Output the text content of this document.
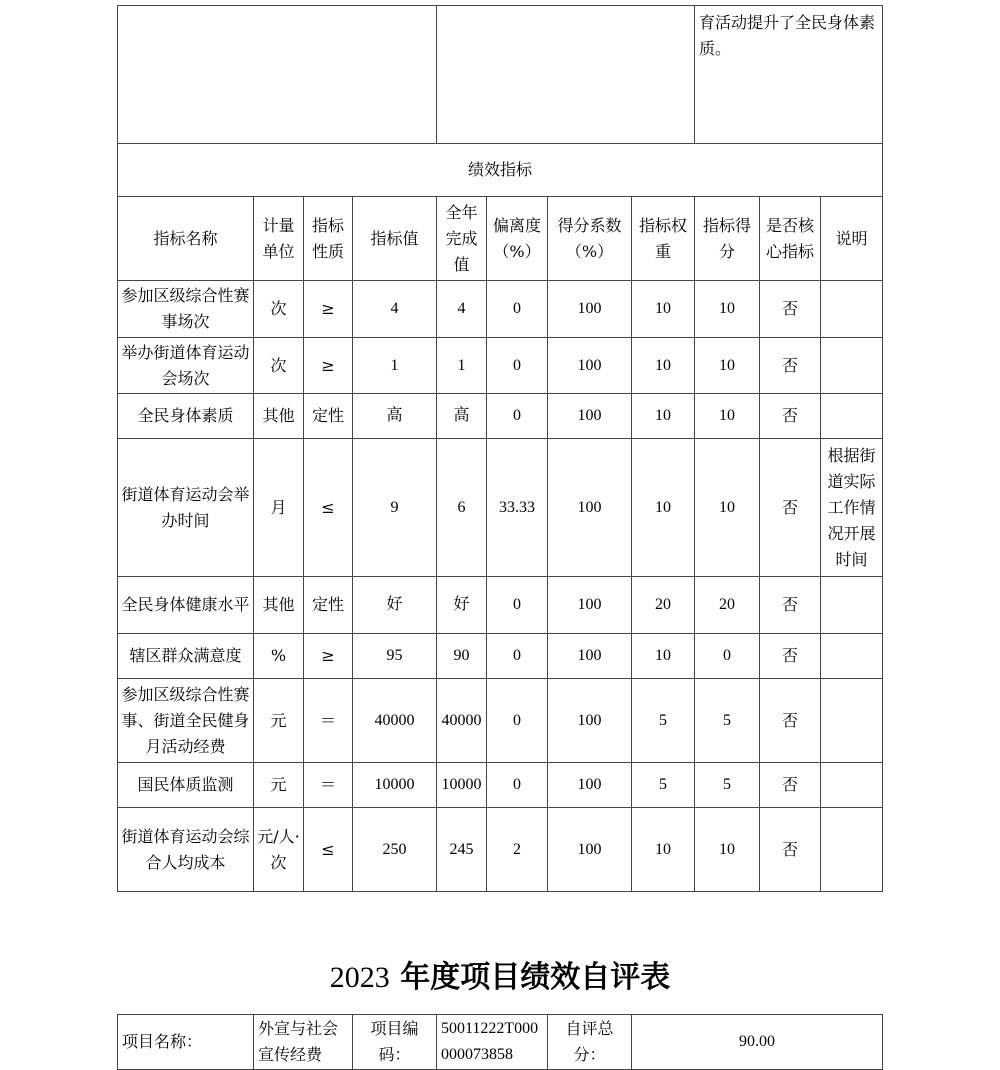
								育活动提升了全民身体素质。		
绩效指标										
指标名称	计量单位	指标性质	指标值	全年完成值	偏离度（%）	得分系数（%）	指标权重	指标得分	是否核心指标	说明
参加区级综合性赛事场次	次	≥	4	4	0	100	10	10	否	
举办街道体育运动会场次	次	≥	1	1	0	100	10	10	否	
全民身体素质	其他	定性	高	高	0	100	10	10	否	
街道体育运动会举办时间	月	≤	9	6	33.33	100	10	10	否	根据街道实际工作情况开展时间
全民身体健康水平	其他	定性	好	好	0	100	20	20	否	
辖区群众满意度	%	≥	95	90	0	100	10	0	否	
参加区级综合性赛事、街道全民健身月活动经费	元	＝	40000	40000	0	100	5	5	否	
国民体质监测	元	＝	10000	10000	0	100	5	5	否	
街道体育运动会综合人均成本	元/人·次	≤	250	245	2	100	10	10	否	
2023 年度项目绩效自评表
项目名称：	外宣与社会宣传经费	项目编码：	50011222T000000073858	自评总分：	90.00
